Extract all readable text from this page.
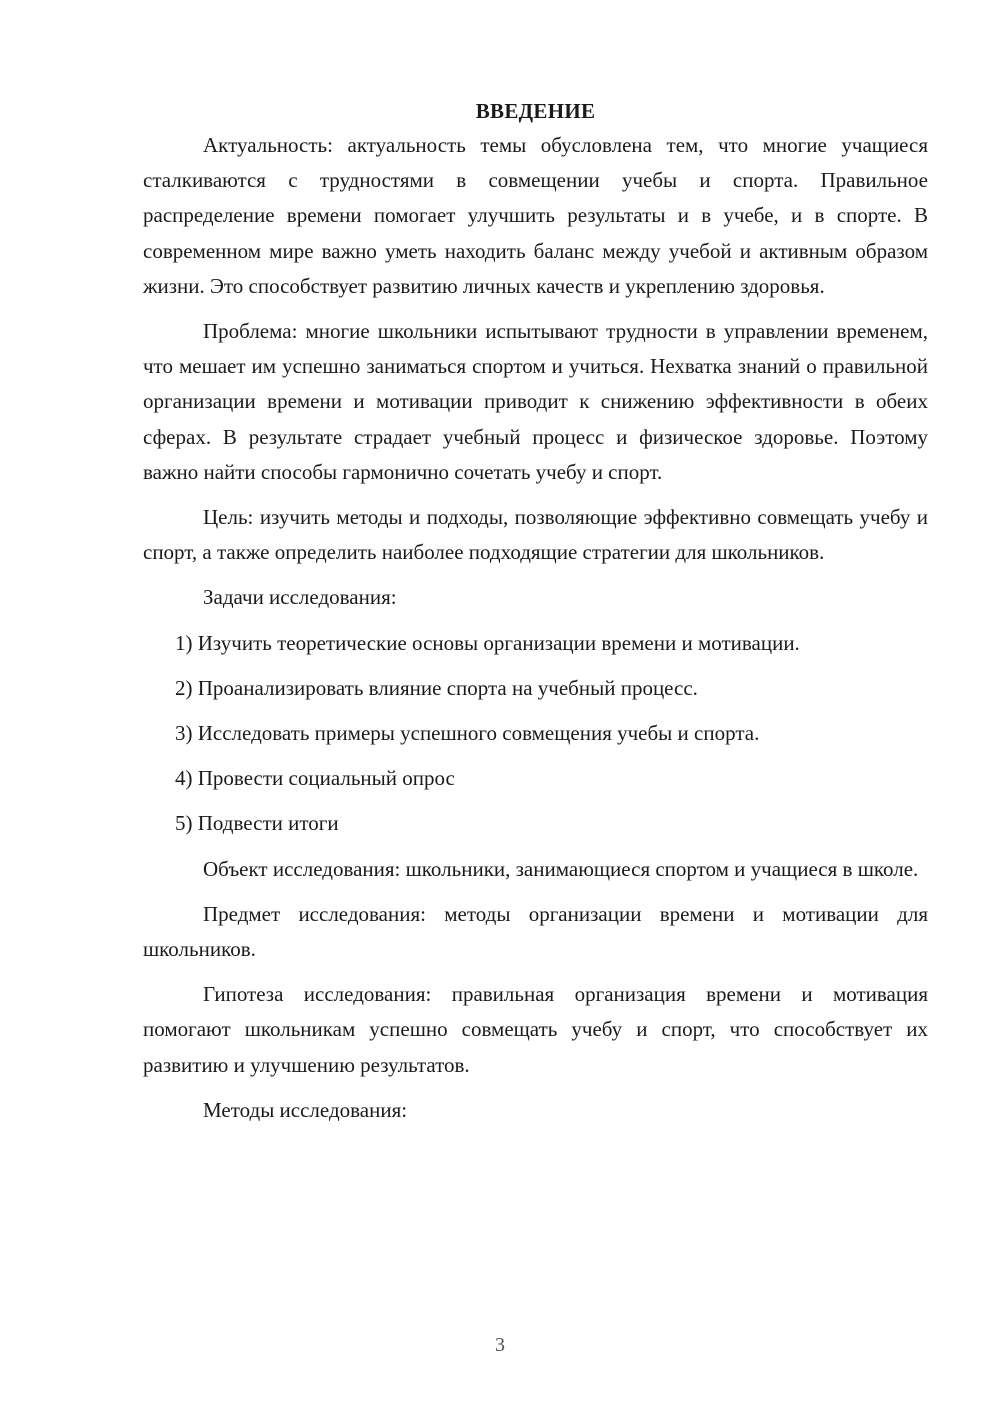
ВВЕДЕНИЕ

Актуальность: актуальность темы обусловлена тем, что многие учащиеся сталкиваются с трудностями в совмещении учебы и спорта. Правильное распределение времени помогает улучшить результаты и в учебе, и в спорте. В современном мире важно уметь находить баланс между учебой и активным образом жизни. Это способствует развитию личных качеств и укреплению здоровья.

Проблема: многие школьники испытывают трудности в управлении временем, что мешает им успешно заниматься спортом и учиться. Нехватка знаний о правильной организации времени и мотивации приводит к снижению эффективности в обеих сферах. В результате страдает учебный процесс и физическое здоровье. Поэтому важно найти способы гармонично сочетать учебу и спорт.

Цель: изучить методы и подходы, позволяющие эффективно совмещать учебу и спорт, а также определить наиболее подходящие стратегии для школьников.

Задачи исследования:

1) Изучить теоретические основы организации времени и мотивации.

2) Проанализировать влияние спорта на учебный процесс.

3) Исследовать примеры успешного совмещения учебы и спорта.

4) Провести социальный опрос

5) Подвести итоги

Объект исследования: школьники, занимающиеся спортом и учащиеся в школе.

Предмет исследования: методы организации времени и мотивации для школьников.

Гипотеза исследования: правильная организация времени и мотивация помогают школьникам успешно совмещать учебу и спорт, что способствует их развитию и улучшению результатов.

Методы исследования:

3
